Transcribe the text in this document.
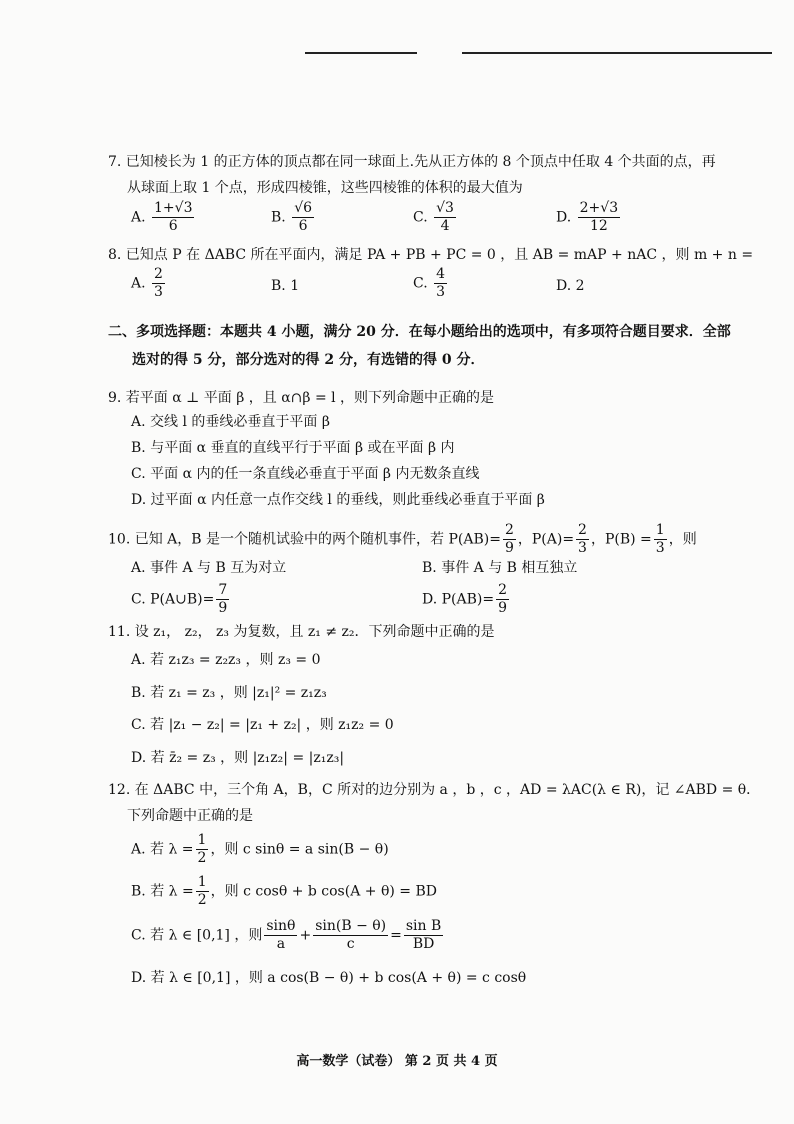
7. 已知棱长为 1 的正方体的顶点都在同一球面上.先从正方体的 8 个顶点中任取 4 个共面的点，再
从球面上取 1 个点，形成四棱锥，这些四棱锥的体积的最大值为
A. $\frac{1+√3}{6}$	B. $\frac{√6}{6}$	C. $\frac{√3}{4}$	D. $\frac{2+√3}{12}$
8. 已知点 P 在 ΔABC 所在平面内，满足 PA + PB + PC = 0 ，且 AB = mAP + nAC ，则 m + n =
A. $\frac{2}{3}$	B. 1	C. $\frac{4}{3}$	D. 2
二、多项选择题：本题共 4 小题，满分 20 分．在每小题给出的选项中，有多项符合题目要求．全部
选对的得 5 分，部分选对的得 2 分，有选错的得 0 分．
9. 若平面 α ⊥ 平面 β ，且 α∩β = l ，则下列命题中正确的是
A. 交线 l 的垂线必垂直于平面 β
B. 与平面 α 垂直的直线平行于平面 β 或在平面 β 内
C. 平面 α 内的任一条直线必垂直于平面 β 内无数条直线
D. 过平面 α 内任意一点作交线 l 的垂线，则此垂线必垂直于平面 β
10. 已知 A，B 是一个随机试验中的两个随机事件，若 $P(AB)= \frac{2}{9}$ ，$P(A)= \frac{2}{3}$ ，$P(B) = \frac{1}{3}$ ，则
A. 事件 A 与 B 互为对立	B. 事件 A 与 B 相互独立
C. P(A∪B)= $\frac{7}{9}$	D. $P(AB)= \frac{2}{9}$
11. 设 z₁， z₂， z₃ 为复数，且 z₁ ≠ z₂．下列命题中正确的是
A. 若 z₁z₃ = z₂z₃ ，则 z₃ = 0
B. 若 z₁ = z₃ ，则 |z₁|² = z₁z₃
C. 若 |z₁ − z₂| = |z₁ + z₂| ，则 z₁z₂ = 0
D. 若 z̄₂ = z₃ ，则 |z₁z₂| = |z₁z₃|
12. 在 ΔABC 中，三个角 A，B，C 所对的边分别为 a ，b ，c ，AD = λAC(λ ∈ R)，记 ∠ABD = θ．
下列命题中正确的是
A. 若 $\lambda = \frac{1}{2}$ ，则 c sinθ = a sin(B − θ)
B. 若 $\lambda = \frac{1}{2}$ ，则 c cosθ + b cos(A + θ) = BD
C. 若 λ ∈ [0,1] ，则 $\frac{\sin\theta}{a} + \frac{\sin(B - \theta)}{c} = \frac{\text{sin B}}{BD}$
D. 若 λ ∈ [0,1] ，则 a cos(B − θ) + b cos(A + θ) = c cosθ
高一数学（试卷） 第 2 页 共 4 页
